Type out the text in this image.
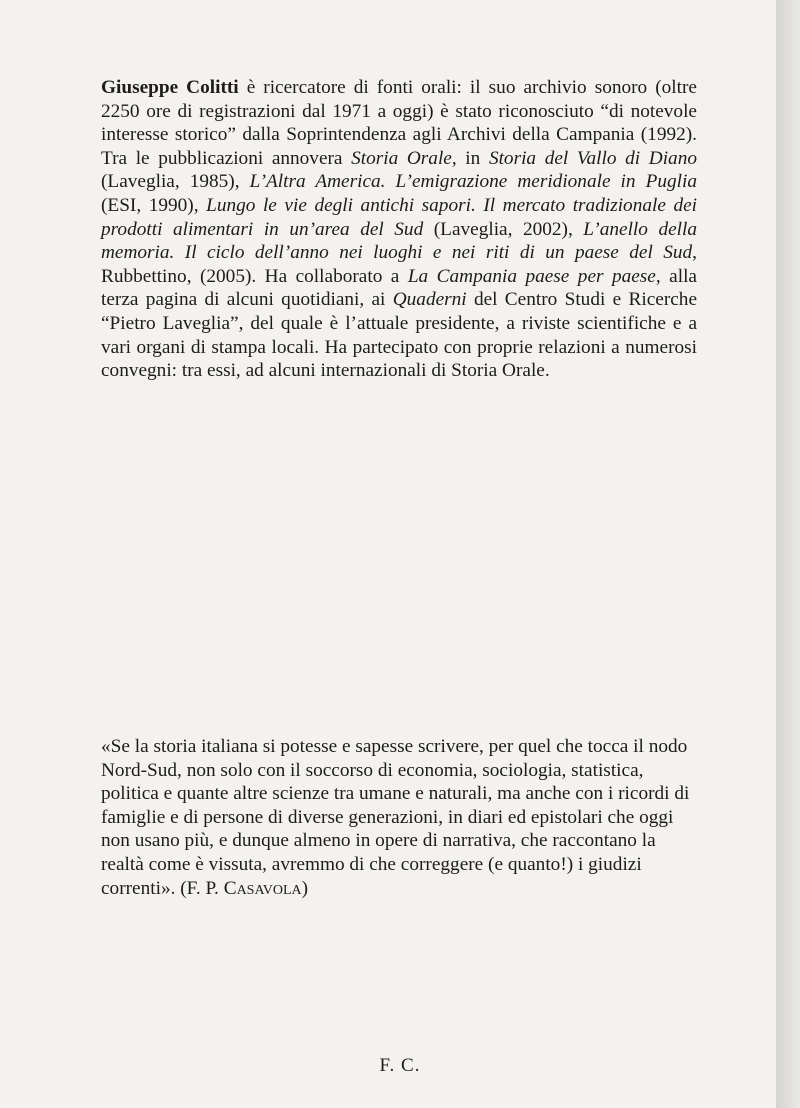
Giuseppe Colitti è ricercatore di fonti orali: il suo archivio sonoro (oltre 2250 ore di registrazioni dal 1971 a oggi) è stato riconosciuto “di notevole interesse storico” dalla Soprintendenza agli Archivi della Campania (1992). Tra le pubblicazioni annovera Storia Orale, in Storia del Vallo di Diano (Laveglia, 1985), L’Altra America. L’emigrazione meridionale in Puglia (ESI, 1990), Lungo le vie degli antichi sapori. Il mercato tradizionale dei prodotti alimentari in un’area del Sud (Laveglia, 2002), L’anello della memoria. Il ciclo dell’anno nei luoghi e nei riti di un paese del Sud, Rubbettino, (2005). Ha collaborato a La Campania paese per paese, alla terza pagina di alcuni quotidiani, ai Quaderni del Centro Studi e Ricerche “Pietro Laveglia”, del quale è l’attuale presidente, a riviste scientifiche e a vari organi di stampa locali. Ha partecipato con proprie relazioni a numerosi convegni: tra essi, ad alcuni internazionali di Storia Orale.

«Se la storia italiana si potesse e sapesse scrivere, per quel che tocca il nodo Nord-Sud, non solo con il soccorso di economia, sociologia, statistica, politica e quante altre scienze tra umane e naturali, ma anche con i ricordi di famiglie e di persone di diverse generazioni, in diari ed epistolari che oggi non usano più, e dunque almeno in opere di narrativa, che raccontano la realtà come è vissuta, avremmo di che correggere (e quanto!) i giudizi correnti». (F. P. Casavola)

F. C.
